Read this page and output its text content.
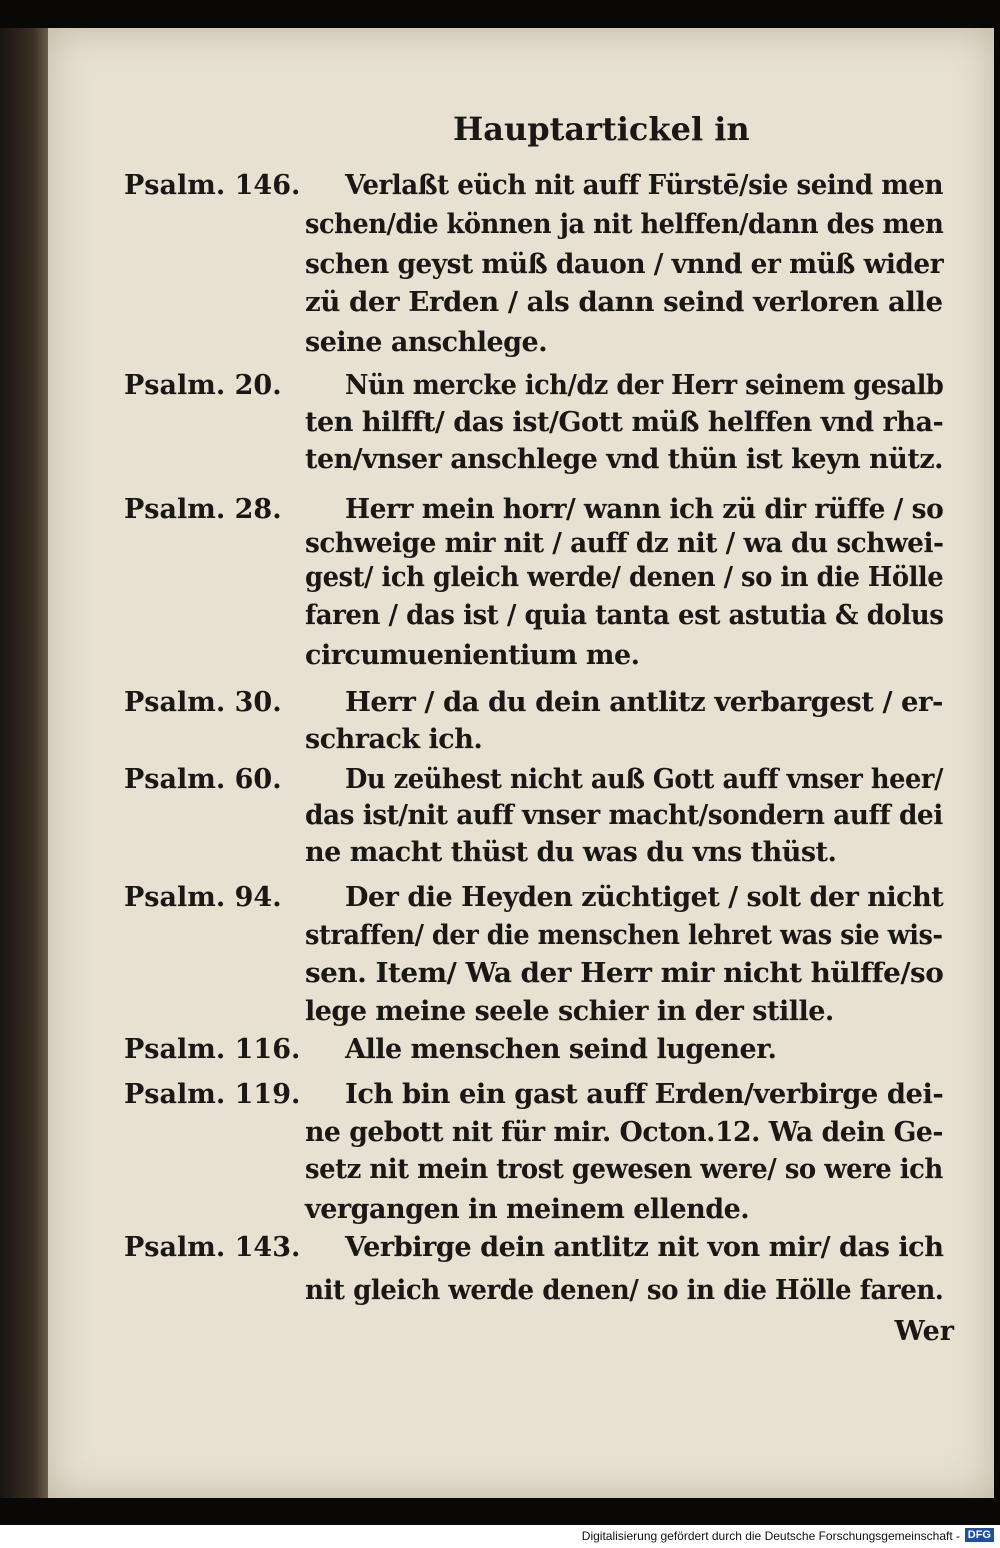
Hauptartickel in
Psalm. 146. Verlaßt eüch nit auff Fürstē/sie seind men
schen/die können ja nit helffen/dann des men
schen geyst müß dauon / vnnd er müß wider
zü der Erden / als dann seind verloren alle
seine anschlege.
Psalm. 20. Nün mercke ich/dz der Herr seinem gesalb
ten hilfft/ das ist/Gott müß helffen vnd rha-
ten/vnser anschlege vnd thün ist keyn nütz.
Psalm. 28. Herr mein horr/ wann ich zü dir rüffe / so
schweige mir nit / auff dz nit / wa du schwei-
gest/ ich gleich werde/ denen / so in die Hölle
faren / das ist / quia tanta est astutia & dolus
circumuenientium me.
Psalm. 30. Herr / da du dein antlitz verbargest / er-
schrack ich.
Psalm. 60. Du zeühest nicht auß Gott auff vnser heer/
das ist/nit auff vnser macht/sondern auff dei
ne macht thüst du was du vns thüst.
Psalm. 94. Der die Heyden züchtiget / solt der nicht
straffen/ der die menschen lehret was sie wis-
sen. Item/ Wa der Herr mir nicht hülffe/so
lege meine seele schier in der stille.
Psalm. 116. Alle menschen seind lugener.
Psalm. 119. Ich bin ein gast auff Erden/verbirge dei-
ne gebott nit für mir. Octon.12. Wa dein Ge-
setz nit mein trost gewesen were/ so were ich
vergangen in meinem ellende.
Psalm. 143. Verbirge dein antlitz nit von mir/ das ich
nit gleich werde denen/ so in die Hölle faren.
Wer
Digitalisierung gefördert durch die Deutsche Forschungsgemeinschaft - DFG
